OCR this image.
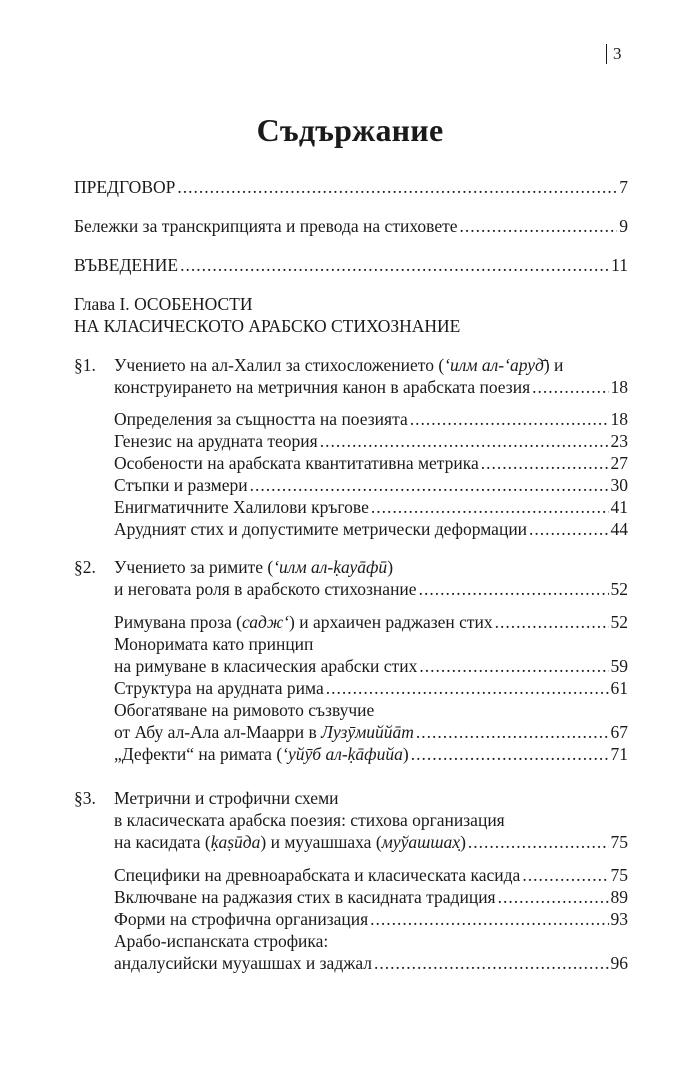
3
Съдържание
ПРЕДГОВОР .....	7
Бележки за транскрипцията и превода на стиховете .....	9
ВЪВЕДЕНИЕ .....	11
Глава I. ОСОБЕНОСТИ
НА КЛАСИЧЕСКОТО АРАБСКО СТИХОЗНАНИЕ
§1.	Учението на ал-Халил за стихосложението (ʻилм ал-ʻаруд̄) и
конструирането на метричния канон в арабската поезия .....	18
Определения за същността на поезията .....	18
Генезис на арудната теория .....	23
Особености на арабската квантитативна метрика .....	27
Стъпки и размери .....	30
Енигматичните Халилови кръгове .....	41
Арудният стих и допустимите метрически деформации .....	44
§2.	Учението за римите (ʻилм ал-ḳауāфӣ)
и неговата роля в арабското стихознание .....	52
Римувана проза (садж‘) и архаичен раджазен стих .....	52
Моноримата като принцип
на римуване в класическия арабски стих .....	59
Структура на арудната рима .....	61
Обогатяване на римовото съзвучие
от Абу ал-Ала ал-Маарри в Лузӯмиййāт .....	67
„Дефекти“ на римата (ʻуйӯб ал-ḳāфийа) .....	71
§3.	Метрични и строфични схеми
в класическата арабска поезия: стихова организация
на касидата (ḳаṣӣда) и мууашшаха (муўашшах̣) .....	75
Специфики на древноарабската и класическата касида .....	75
Включване на раджазия стих в касидната традиция .....	89
Форми на строфична организация .....	93
Арабо-испанската строфика:
андалусийски мууашшах и заджал .....	96
